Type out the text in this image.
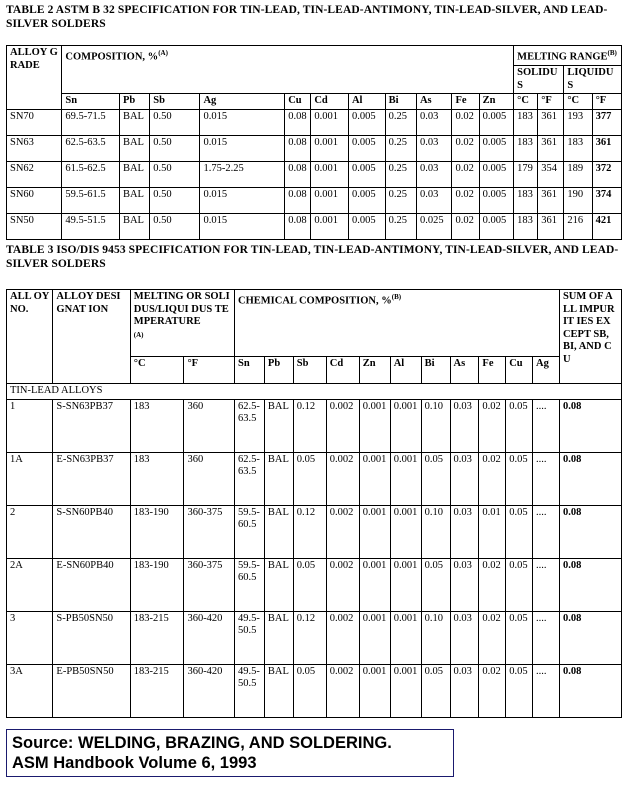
TABLE 2 ASTM B 32 SPECIFICATION FOR TIN-LEAD, TIN-LEAD-ANTIMONY, TIN-LEAD-SILVER, AND LEAD-SILVER SOLDERS
ALLOY GRADE	COMPOSITION, %$^{(A)}$											MELTING $RANGE^{(B)}$
												SOLIDUS		LIQUIDUS	
	Sn	Pb	Sb	Ag	Cu	Cd	Al	Bi	As	Fe	Zn	°C	°F	°C	°F
SN70	69.5-71.5	BAL	0.50	0.015	0.08	0.001	0.005	0.25	0.03	0.02	0.005	183	361	193	377
SN63	62.5-63.5	BAL	0.50	0.015	0.08	0.001	0.005	0.25	0.03	0.02	0.005	183	361	183	361
SN62	61.5-62.5	BAL	0.50	1.75-2.25	0.08	0.001	0.005	0.25	0.03	0.02	0.005	179	354	189	372
SN60	59.5-61.5	BAL	0.50	0.015	0.08	0.001	0.005	0.25	0.03	0.02	0.005	183	361	190	374
SN50	49.5-51.5	BAL	0.50	0.015	0.08	0.001	0.005	0.25	0.025	0.02	0.005	183	361	216	421
TABLE 3 ISO/DIS 9453 SPECIFICATION FOR TIN-LEAD, TIN-LEAD-ANTIMONY, TIN-LEAD-SILVER, AND LEAD-SILVER SOLDERS
ALL OY NO.	ALLOY DESIGNAT ION	MELTING OR SOLIDUS/LIQUI DUS TEMPERATURE
$^{(A)}$		CHEMICAL COMPOSITION, %$^{(B)}$											SUM OF ALL IMPURIT IES EXCEPT SB, BI, AND CU
		°C	°F	Sn	Pb	Sb	Cd	Zn	Al	Bi	As	Fe	Cu	Ag	
TIN-LEAD ALLOYS															
1	S-SN63PB37	183	360	62.5-63.5	BAL	0.12	0.002	0.001	0.001	0.10	0.03	0.02	0.05	....	0.08
1A	E-SN63PB37	183	360	62.5-63.5	BAL	0.05	0.002	0.001	0.001	0.05	0.03	0.02	0.05	....	0.08
2	S-SN60PB40	183-190	360-375	59.5-60.5	BAL	0.12	0.002	0.001	0.001	0.10	0.03	0.01	0.05	....	0.08
2A	E-SN60PB40	183-190	360-375	59.5-60.5	BAL	0.05	0.002	0.001	0.001	0.05	0.03	0.02	0.05	....	0.08
3	S-PB50SN50	183-215	360-420	49.5-50.5	BAL	0.12	0.002	0.001	0.001	0.10	0.03	0.02	0.05	....	0.08
3A	E-PB50SN50	183-215	360-420	49.5-50.5	BAL	0.05	0.002	0.001	0.001	0.05	0.03	0.02	0.05	....	0.08
Source: WELDING, BRAZING, AND SOLDERING.
ASM Handbook Volume 6, 1993
